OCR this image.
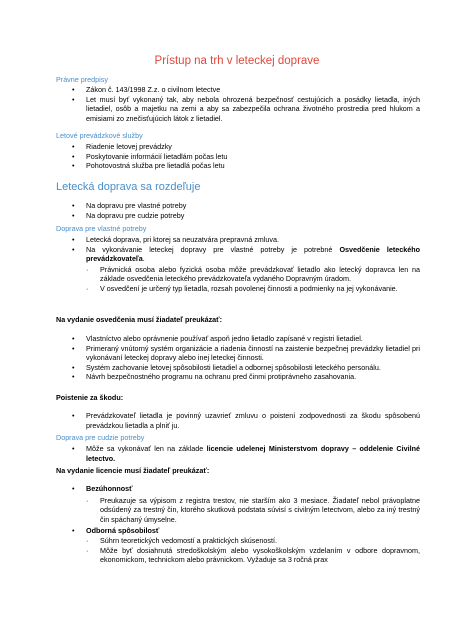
Prístup na trh v leteckej doprave
Právne predpisy
•	Zákon č. 143/1998 Z.z. o civilnom letectve
•	Let musí byť vykonaný tak, aby nebola ohrozená bezpečnosť cestujúcich a posádky lietadla, iných lietadiel, osôb a majetku na zemi a aby sa zabezpečila ochrana životného prostredia pred hlukom a emisiami zo znečisťujúcich látok z lietadiel.
Letové prevádzkové služby
•	Riadenie letovej prevádzky
•	Poskytovanie informácií lietadlám počas letu
•	Pohotovostná služba pre lietadlá počas letu
Letecká doprava sa rozdeľuje
•	Na dopravu pre vlastné potreby
•	Na dopravu pre cudzie potreby
Doprava pre vlastné potreby
•	Letecká doprava, pri ktorej sa neuzatvára prepravná zmluva.
•	Na vykonávanie leteckej dopravy pre vlastné potreby je potrebné Osvedčenie leteckého prevádzkovateľa.
·	Právnická osoba alebo fyzická osoba môže prevádzkovať lietadlo ako letecký dopravca len na základe osvedčenia leteckého prevádzkovateľa vydaného Dopravným úradom.
·	V osvedčení je určený typ lietadla, rozsah povolenej činnosti a podmienky na jej vykonávanie.
Na vydanie osvedčenia musí žiadateľ preukázať:
•	Vlastníctvo alebo oprávnenie používať aspoň jedno lietadlo zapísané v registri lietadiel.
•	Primeraný vnútorný systém organizácie a riadenia činností na zaistenie bezpečnej prevádzky lietadiel pri vykonávaní leteckej dopravy alebo inej leteckej činnosti.
•	Systém zachovanie letovej spôsobilosti lietadiel a odbornej spôsobilosti leteckého personálu.
•	Návrh bezpečnostného programu na ochranu pred činmi protiprávneho zasahovania.
Poistenie za škodu:
•	Prevádzkovateľ lietadla je povinný uzavrieť zmluvu o poistení zodpovednosti za škodu spôsobenú prevádzkou lietadla a plniť ju.
Doprava pre cudzie potreby
•	Môže sa vykonávať len na základe licencie udelenej Ministerstvom dopravy – oddelenie Civilné letectvo.
Na vydanie licencie musí žiadateľ preukázať:
•	Bezúhonnosť
·	Preukazuje sa výpisom z registra trestov, nie starším ako 3 mesiace. Žiadateľ nebol právoplatne odsúdený za trestný čin, ktorého skutková podstata súvisí s civilným letectvom, alebo za iný trestný čin spáchaný úmyselne.
•	Odborná spôsobilosť
·	Súhrn teoretických vedomostí a praktických skúseností.
·	Môže byť dosiahnutá stredoškolským alebo vysokoškolským vzdelaním v odbore dopravnom, ekonomickom, technickom alebo právnickom. Vyžaduje sa 3 ročná prax
